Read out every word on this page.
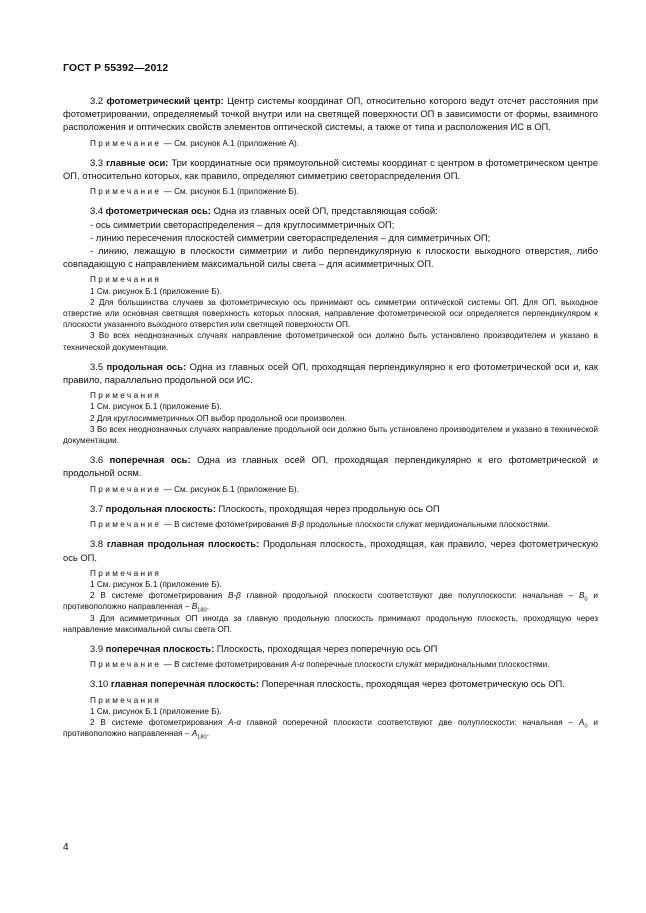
ГОСТ Р 55392—2012

3.2 фотометрический центр: Центр системы координат ОП, относительно которого ведут отсчет расстояния при фотометрировании, определяемый точкой внутри или на светящей поверхности ОП в зависимости от формы, взаимного расположения и оптических свойств элементов оптической системы, а также от типа и расположения ИС в ОП.

Примечание — См. рисунок А.1 (приложение А).

3.3 главные оси: Три координатные оси прямоугольной системы координат с центром в фотометрическом центре ОП, относительно которых, как правило, определяют симметрию светораспределения ОП.

Примечание — См. рисунок Б.1 (приложение Б).

3.4 фотометрическая ось: Одна из главных осей ОП, представляющая собой:

- ось симметрии светораспределения – для круглосимметричных ОП;

- линию пересечения плоскостей симметрии светораспределения – для симметричных ОП;

- линию, лежащую в плоскости симметрии и либо перпендикулярную к плоскости выходного отверстия, либо совпадающую с направлением максимальной силы света – для асимметричных ОП.

Примечания

1 См. рисунок Б.1 (приложение Б).

2 Для большинства случаев за фотометрическую ось принимают ось симметрии оптической системы ОП. Для ОП, выходное отверстие или основная светящая поверхность которых плоская, направление фотометрической оси определяется перпендикуляром к плоскости указанного выходного отверстия или светящей поверхности ОП.

3 Во всех неоднозначных случаях направление фотометрической оси должно быть установлено производителем и указано в технической документации.

3.5 продольная ось: Одна из главных осей ОП, проходящая перпендикулярно к его фотометрической оси и, как правило, параллельно продольной оси ИС.

Примечания

1 См. рисунок Б.1 (приложение Б).

2 Для круглосимметричных ОП выбор продольной оси произволен.

3 Во всех неоднозначных случаях направление продольной оси должно быть установлено производителем и указано в технической документации.

3.6 поперечная ось: Одна из главных осей ОП, проходящая перпендикулярно к его фотометрической и продольной осям.

Примечание — См. рисунок Б.1 (приложение Б).

3.7 продольная плоскость: Плоскость, проходящая через продольную ось ОП

Примечание — В системе фотометрирования B-β продольные плоскости служат меридиональными плоскостями.

3.8 главная продольная плоскость: Продольная плоскость, проходящая, как правило, через фотометрическую ось ОП.

Примечания

1 См. рисунок Б.1 (приложение Б).

2 В системе фотометрирования B-β главной продольной плоскости соответствуют две полуплоскости: начальная – $B_0$ и противоположно направленная – $B_{180}$.

3 Для асимметричных ОП иногда за главную продольную плоскость принимают продольную плоскость, проходящую через направление максимальной силы света ОП.

3.9 поперечная плоскость: Плоскость, проходящая через поперечную ось ОП

Примечание — В системе фотометрирования A-α поперечные плоскости служат меридиональными плоскостями.

3.10 главная поперечная плоскость: Поперечная плоскость, проходящая через фотометрическую ось ОП.

Примечания

1 См. рисунок Б.1 (приложение Б).

2 В системе фотометрирования A-α главной поперечной плоскости соответствуют две полуплоскости: начальная – $A_0$ и противоположно направленная – $A_{180}$.

4
